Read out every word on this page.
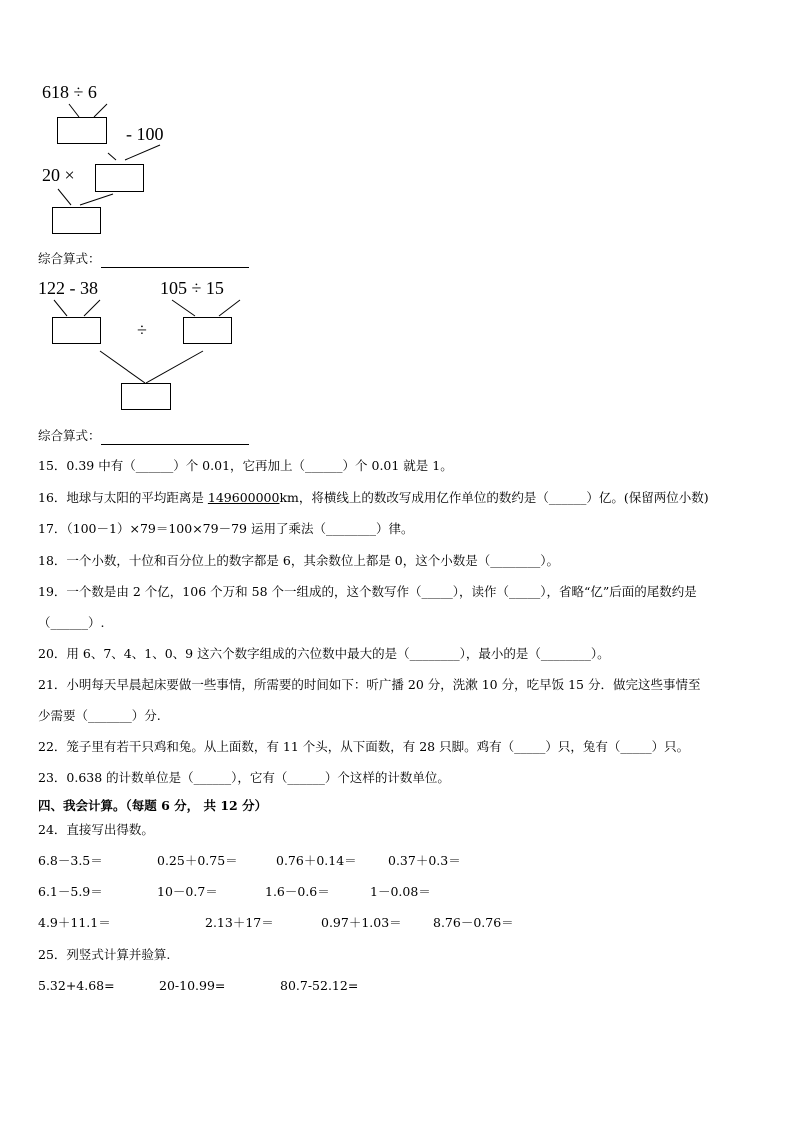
618 ÷ 6
- 100
20 ×
122 - 38	105 ÷ 15
÷
综合算式：
综合算式：
15．0.39 中有（______）个 0.01，它再加上（______）个 0.01 就是 1。
16．地球与太阳的平均距离是 149600000km，将横线上的数改写成用亿作单位的数约是（______）亿。(保留两位小数)
17．（100－1）×79＝100×79－79 运用了乘法（________）律。
18．一个小数，十位和百分位上的数字都是 6，其余数位上都是 0，这个小数是（________）。
19．一个数是由 2 个亿，106 个万和 58 个一组成的，这个数写作（_____），读作（_____），省略“亿”后面的尾数约是
（______）.
20．用 6、7、4、1、0、9 这六个数字组成的六位数中最大的是（________），最小的是（________）。
21．小明每天早晨起床要做一些事情，所需要的时间如下：听广播 20 分，洗漱 10 分，吃早饭 15 分．做完这些事情至
少需要（_______）分.
22．笼子里有若干只鸡和兔。从上面数，有 11 个头，从下面数，有 28 只脚。鸡有（_____）只，兔有（_____）只。
23．0.638 的计数单位是（______），它有（______）个这样的计数单位。
四、我会计算。（每题 6 分， 共 12 分）
24．直接写出得数。
6.8－3.5＝	0.25＋0.75＝	0.76＋0.14＝	0.37＋0.3＝
6.1－5.9＝	10－0.7＝	1.6－0.6＝	1－0.08＝
4.9＋11.1＝	2.13＋17＝	0.97＋1.03＝	8.76－0.76＝
25．列竖式计算并验算.
5.32+4.68=	20-10.99=	80.7-52.12=
